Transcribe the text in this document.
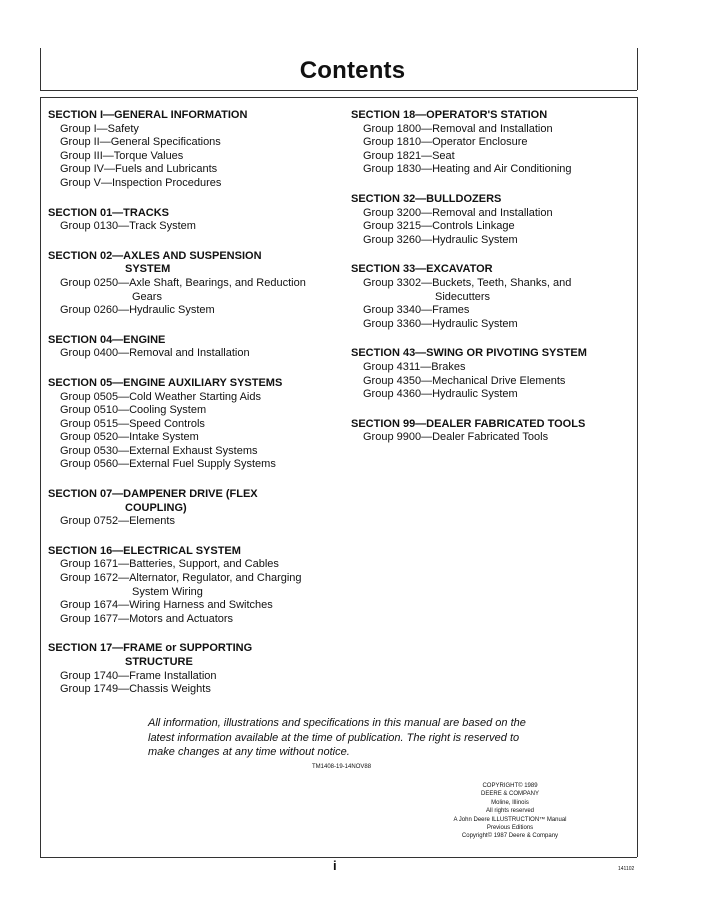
Contents
SECTION I—GENERAL INFORMATION
Group I—Safety
Group II—General Specifications
Group III—Torque Values
Group IV—Fuels and Lubricants
Group V—Inspection Procedures
SECTION 01—TRACKS
Group 0130—Track System
SECTION 02—AXLES AND SUSPENSION

SYSTEM
Group 0250—Axle Shaft, Bearings, and Reduction
Gears
Group 0260—Hydraulic System
SECTION 04—ENGINE
Group 0400—Removal and Installation
SECTION 05—ENGINE AUXILIARY SYSTEMS
Group 0505—Cold Weather Starting Aids
Group 0510—Cooling System
Group 0515—Speed Controls
Group 0520—Intake System
Group 0530—External Exhaust Systems
Group 0560—External Fuel Supply Systems
SECTION 07—DAMPENER DRIVE (FLEX

COUPLING)
Group 0752—Elements
SECTION 16—ELECTRICAL SYSTEM
Group 1671—Batteries, Support, and Cables
Group 1672—Alternator, Regulator, and Charging
System Wiring
Group 1674—Wiring Harness and Switches
Group 1677—Motors and Actuators
SECTION 17—FRAME or SUPPORTING

STRUCTURE
Group 1740—Frame Installation
Group 1749—Chassis Weights
SECTION 18—OPERATOR'S STATION
Group 1800—Removal and Installation
Group 1810—Operator Enclosure
Group 1821—Seat
Group 1830—Heating and Air Conditioning
SECTION 32—BULLDOZERS
Group 3200—Removal and Installation
Group 3215—Controls Linkage
Group 3260—Hydraulic System
SECTION 33—EXCAVATOR
Group 3302—Buckets, Teeth, Shanks, and
Sidecutters
Group 3340—Frames
Group 3360—Hydraulic System
SECTION 43—SWING OR PIVOTING SYSTEM
Group 4311—Brakes
Group 4350—Mechanical Drive Elements
Group 4360—Hydraulic System
SECTION 99—DEALER FABRICATED TOOLS
Group 9900—Dealer Fabricated Tools
All information, illustrations and specifications in this manual are based on the
latest information available at the time of publication. The right is reserved to
make changes at any time without notice.
TM1408-19-14NOV88
COPYRIGHT© 1989
DEERE & COMPANY
Moline, Illinois
All rights reserved
A John Deere ILLUSTRUCTION™ Manual
Previous Editions
Copyright© 1987 Deere & Company
i	141102
